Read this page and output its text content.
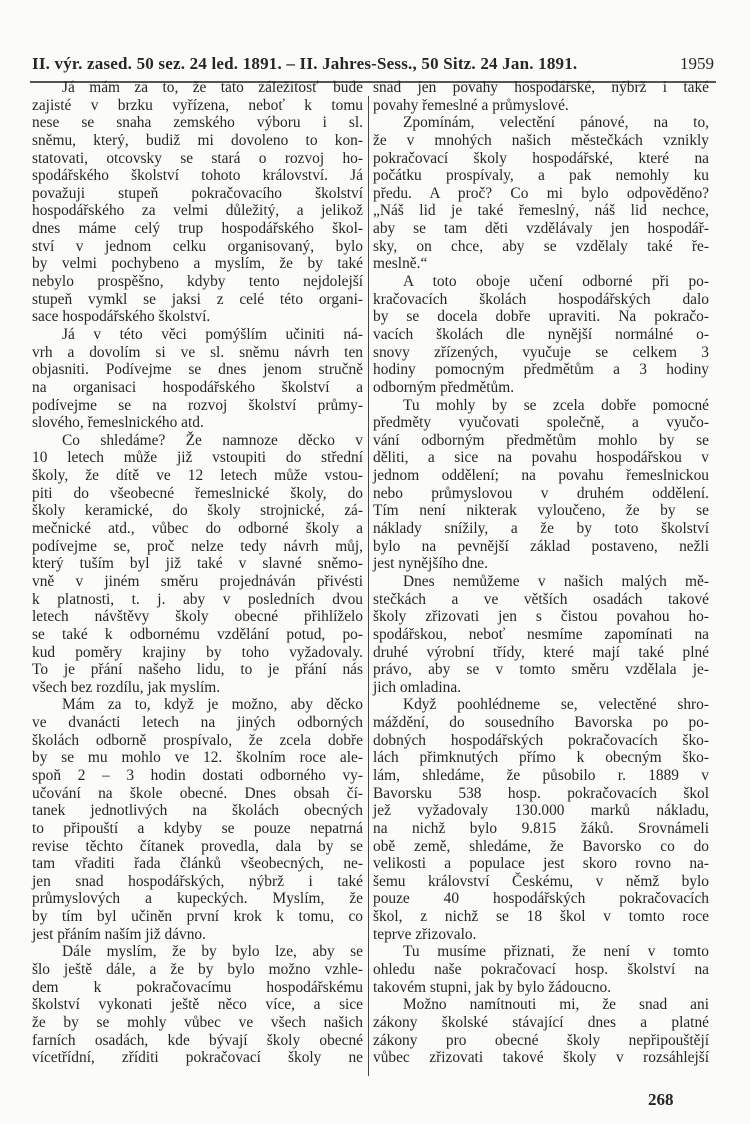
II. výr. zased. 50 sez. 24 led. 1891. – II. Jahres-Sess., 50 Sitz. 24 Jan. 1891.	1959
Já mám za to, že tato záležitosť bude
zajisté v brzku vyřízena, neboť k tomu
nese se snaha zemského výboru i sl.
sněmu, který, budiž mi dovoleno to kon-
statovati, otcovsky se stará o rozvoj ho-
spodářského školství tohoto království. Já
považuji stupeň pokračovacího školství
hospodářského za velmi důležitý, a jelikož
dnes máme celý trup hospodářského škol-
ství v jednom celku organisovaný, bylo
by velmi pochybeno a myslím, že by také
nebylo prospěšno, kdyby tento nejdolejší
stupeň vymkl se jaksi z celé této organi-
sace hospodářského školství.
Já v této věci pomýšlím učiniti ná-
vrh a dovolím si ve sl. sněmu návrh ten
objasniti. Podívejme se dnes jenom stručně
na organisaci hospodářského školství a
podívejme se na rozvoj školství průmy-
slového, řemeslnického atd.
Co shledáme? Že namnoze děcko v
10 letech může již vstoupiti do střední
školy, že dítě ve 12 letech může vstou-
piti do všeobecné řemeslnické školy, do
školy keramické, do školy strojnické, zá-
mečnické atd., vůbec do odborné školy a
podívejme se, proč nelze tedy návrh můj,
který tuším byl již také v slavné sněmo-
vně v jiném směru projednáván přivésti
k platnosti, t. j. aby v posledních dvou
letech návštěvy školy obecné přihlíželo
se také k odbornému vzdělání potud, po-
kud poměry krajiny by toho vyžadovaly.
To je přání našeho lidu, to je přání nás
všech bez rozdílu, jak myslím.
Mám za to, když je možno, aby děcko
ve dvanácti letech na jiných odborných
školách odborně prospívalo, že zcela dobře
by se mu mohlo ve 12. školním roce ale-
spoň 2 – 3 hodin dostati odborného vy-
učování na škole obecné. Dnes obsah čí-
tanek jednotlivých na školách obecných
to připouští a kdyby se pouze nepatrná
revise těchto čítanek provedla, dala by se
tam vřaditi řada článků všeobecných, ne-
jen snad hospodářských, nýbrž i také
průmyslových a kupeckých. Myslím, že
by tím byl učiněn první krok k tomu, co
jest přáním naším již dávno.
Dále myslím, že by bylo lze, aby se
šlo ještě dále, a že by bylo možno vzhle-
dem k pokračovacímu hospodářskému
školství vykonati ještě něco více, a sice
že by se mohly vůbec ve všech našich
farních osadách, kde bývají školy obecné
vícetřídní, zříditi pokračovací školy ne
snad jen povahy hospodářské, nýbrž i také
povahy řemeslné a průmyslové.
Zpomínám, velectění pánové, na to,
že v mnohých našich městečkách vznikly
pokračovací školy hospodářské, které na
počátku prospívaly, a pak nemohly ku
předu. A proč? Co mi bylo odpověděno?
„Náš lid je také řemeslný, náš lid nechce,
aby se tam děti vzdělávaly jen hospodář-
sky, on chce, aby se vzdělaly také ře-
meslně.“
A toto oboje učení odborné při po-
kračovacích školách hospodářských dalo
by se docela dobře upraviti. Na pokračo-
vacích školách dle nynější normálné o-
snovy zřízených, vyučuje se celkem 3
hodiny pomocným předmětům a 3 hodiny
odborným předmětům.
Tu mohly by se zcela dobře pomocné
předměty vyučovati společně, a vyučo-
vání odborným předmětům mohlo by se
děliti, a sice na povahu hospodářskou v
jednom oddělení; na povahu řemeslnickou
nebo průmyslovou v druhém oddělení.
Tím není nikterak vyloučeno, že by se
náklady snížily, a že by toto školství
bylo na pevnější základ postaveno, nežli
jest nynějšího dne.
Dnes nemůžeme v našich malých mě-
stečkách a ve větších osadách takové
školy zřizovati jen s čistou povahou ho-
spodářskou, neboť nesmíme zapomínati na
druhé výrobní třídy, které mají také plné
právo, aby se v tomto směru vzdělala je-
jich omladina.
Když poohlédneme se, velectěné shro-
máždění, do sousedního Bavorska po po-
dobných hospodářských pokračovacích ško-
lách přimknutých přímo k obecným ško-
lám, shledáme, že působilo r. 1889 v
Bavorsku 538 hosp. pokračovacích škol
jež vyžadovaly 130.000 marků nákladu,
na nichž bylo 9.815 žáků. Srovnámeli
obě země, shledáme, že Bavorsko co do
velikosti a populace jest skoro rovno na-
šemu království Českému, v němž bylo
pouze 40 hospodářských pokračovacích
škol, z nichž se 18 škol v tomto roce
teprve zřizovalo.
Tu musíme přiznati, že není v tomto
ohledu naše pokračovací hosp. školství na
takovém stupni, jak by bylo žádoucno.
Možno namítnouti mi, že snad ani
zákony školské stávající dnes a platné
zákony pro obecné školy nepřipouštějí
vůbec zřizovati takové školy v rozsáhlejší
268
